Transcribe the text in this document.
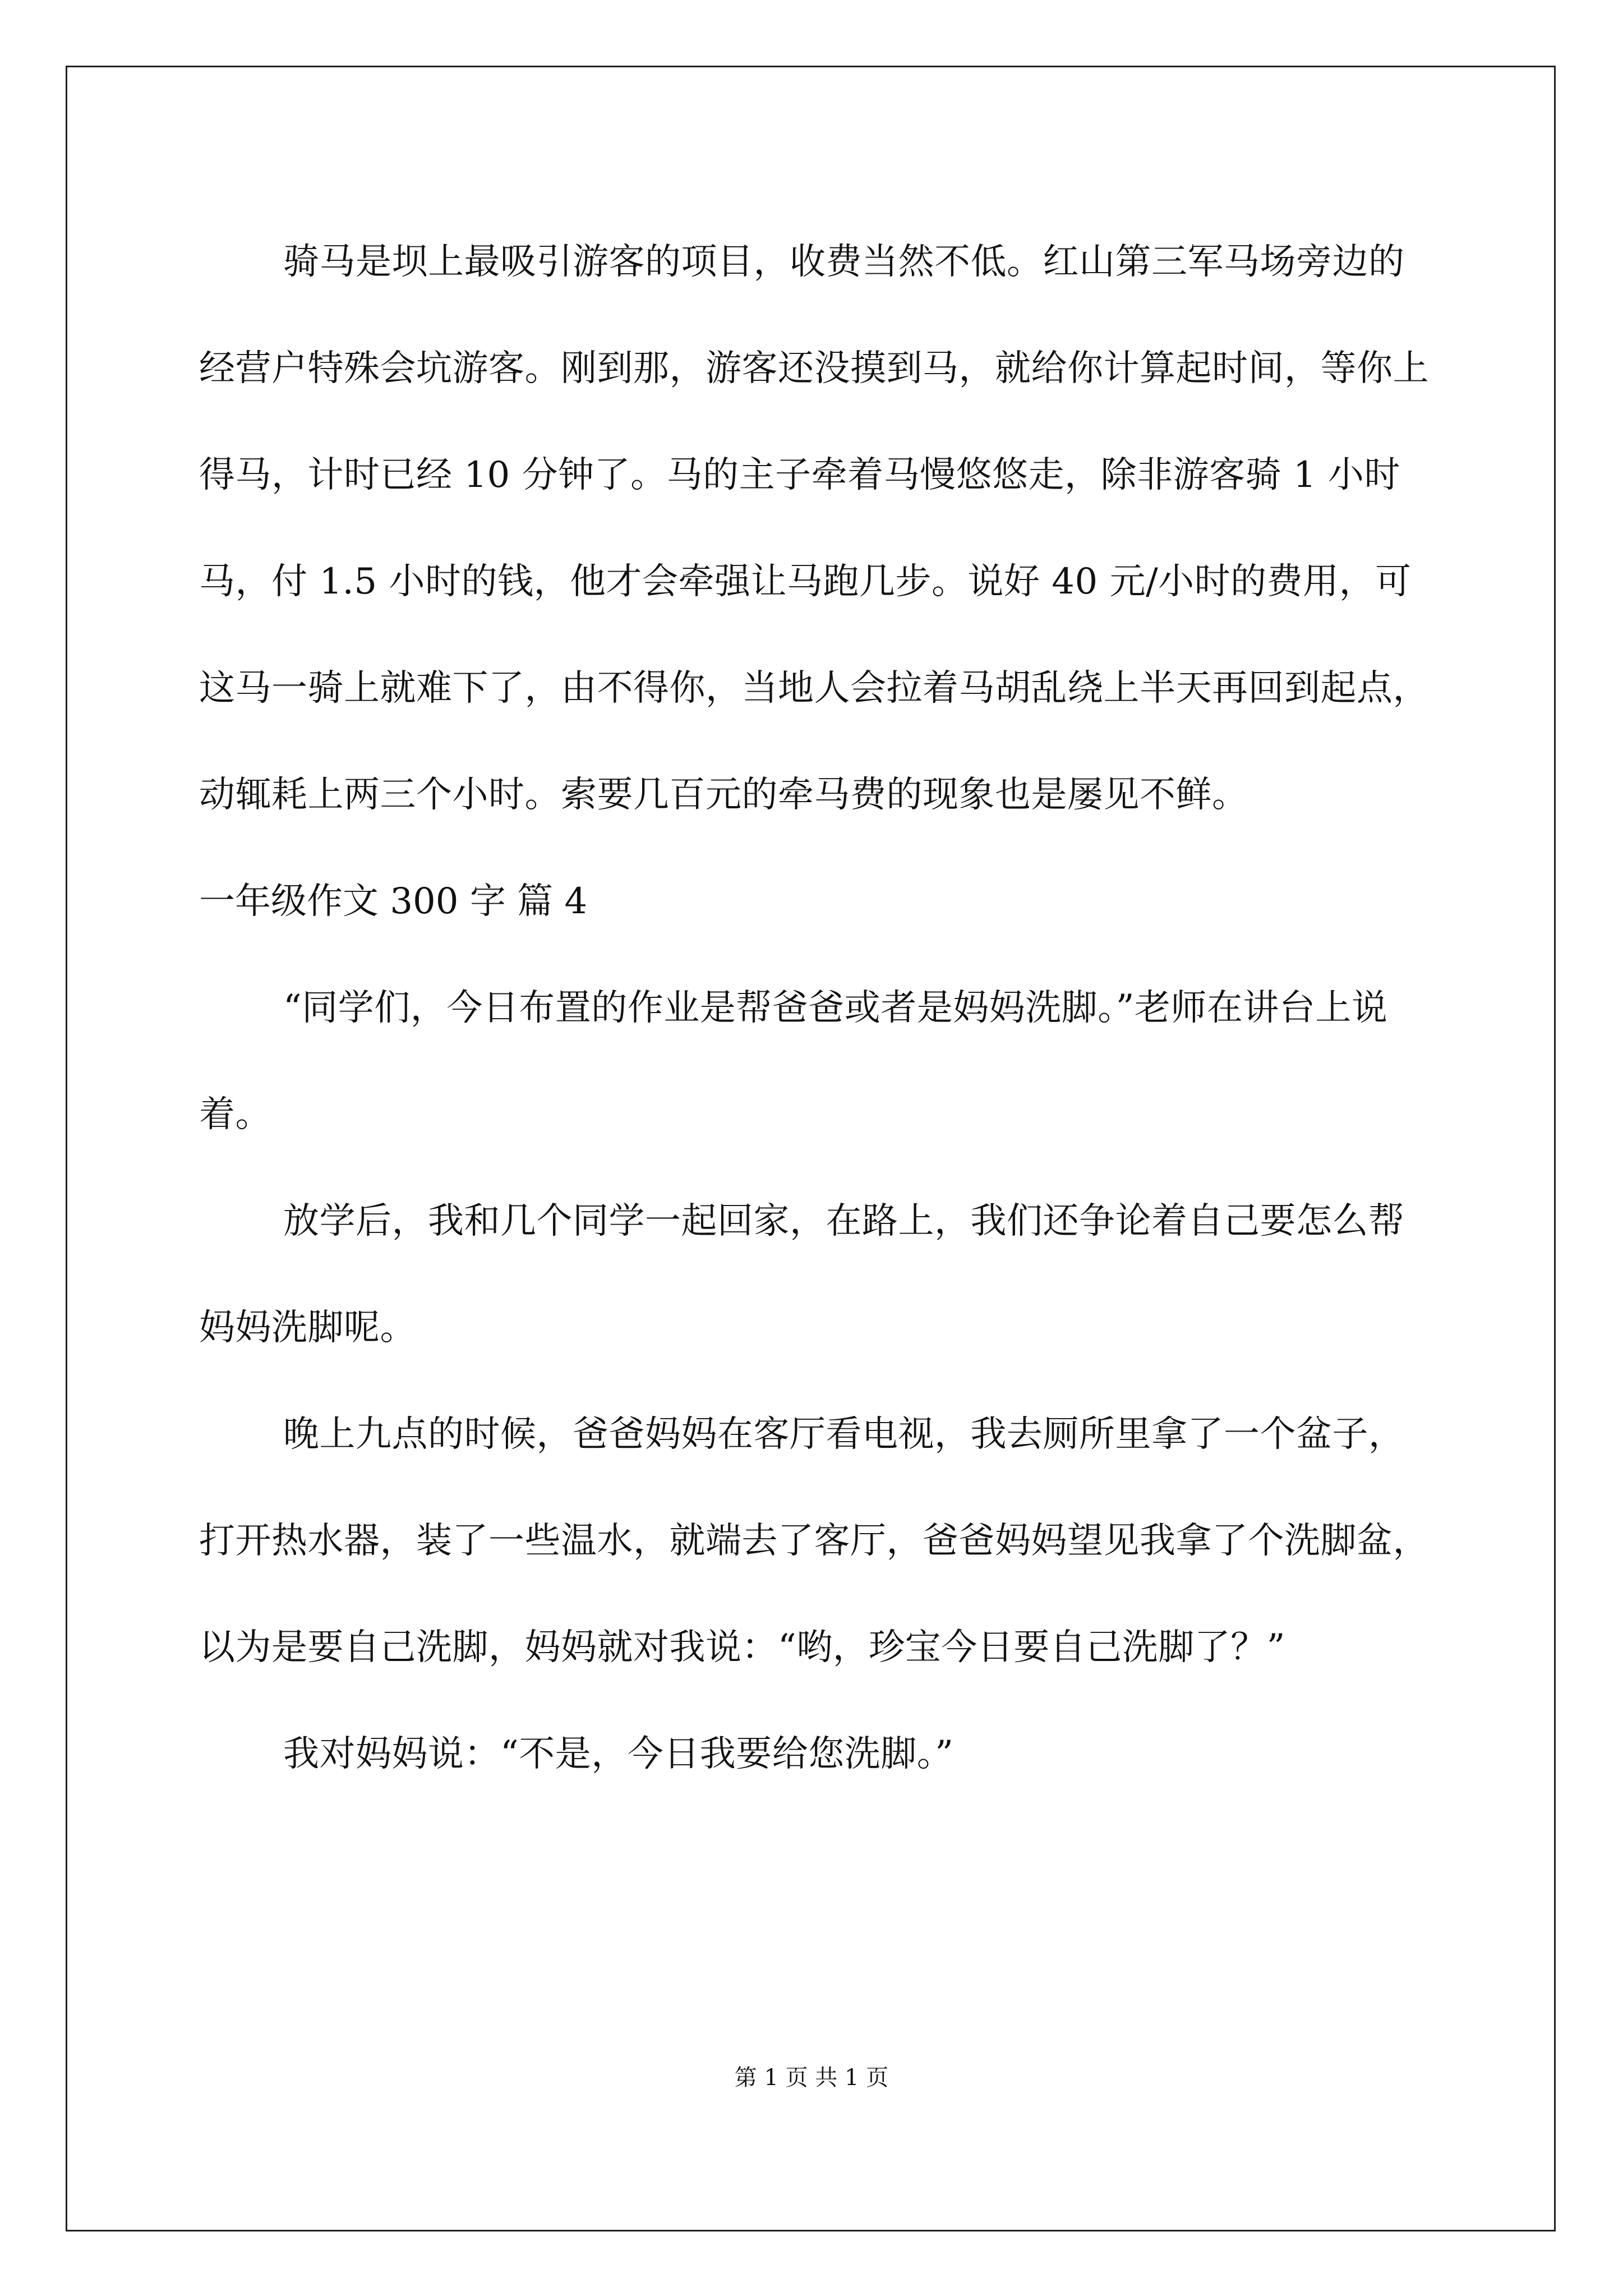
骑马是坝上最吸引游客的项目，收费当然不低。红山第三军马场旁边的经营户特殊会坑游客。刚到那，游客还没摸到马，就给你计算起时间，等你上得马，计时已经 10 分钟了。马的主子牵着马慢悠悠走，除非游客骑 1 小时马，付 1.5 小时的钱，他才会牵强让马跑几步。说好 40 元/小时的费用，可这马一骑上就难下了，由不得你，当地人会拉着马胡乱绕上半天再回到起点，动辄耗上两三个小时。索要几百元的牵马费的现象也是屡见不鲜。

一年级作文 300 字 篇 4

“同学们，今日布置的作业是帮爸爸或者是妈妈洗脚。”老师在讲台上说着。

放学后，我和几个同学一起回家，在路上，我们还争论着自己要怎么帮妈妈洗脚呢。

晚上九点的时候，爸爸妈妈在客厅看电视，我去厕所里拿了一个盆子，打开热水器，装了一些温水，就端去了客厅，爸爸妈妈望见我拿了个洗脚盆，以为是要自己洗脚，妈妈就对我说：“哟，珍宝今日要自己洗脚了？”

我对妈妈说：“不是，今日我要给您洗脚。”

第 1 页 共 1 页
